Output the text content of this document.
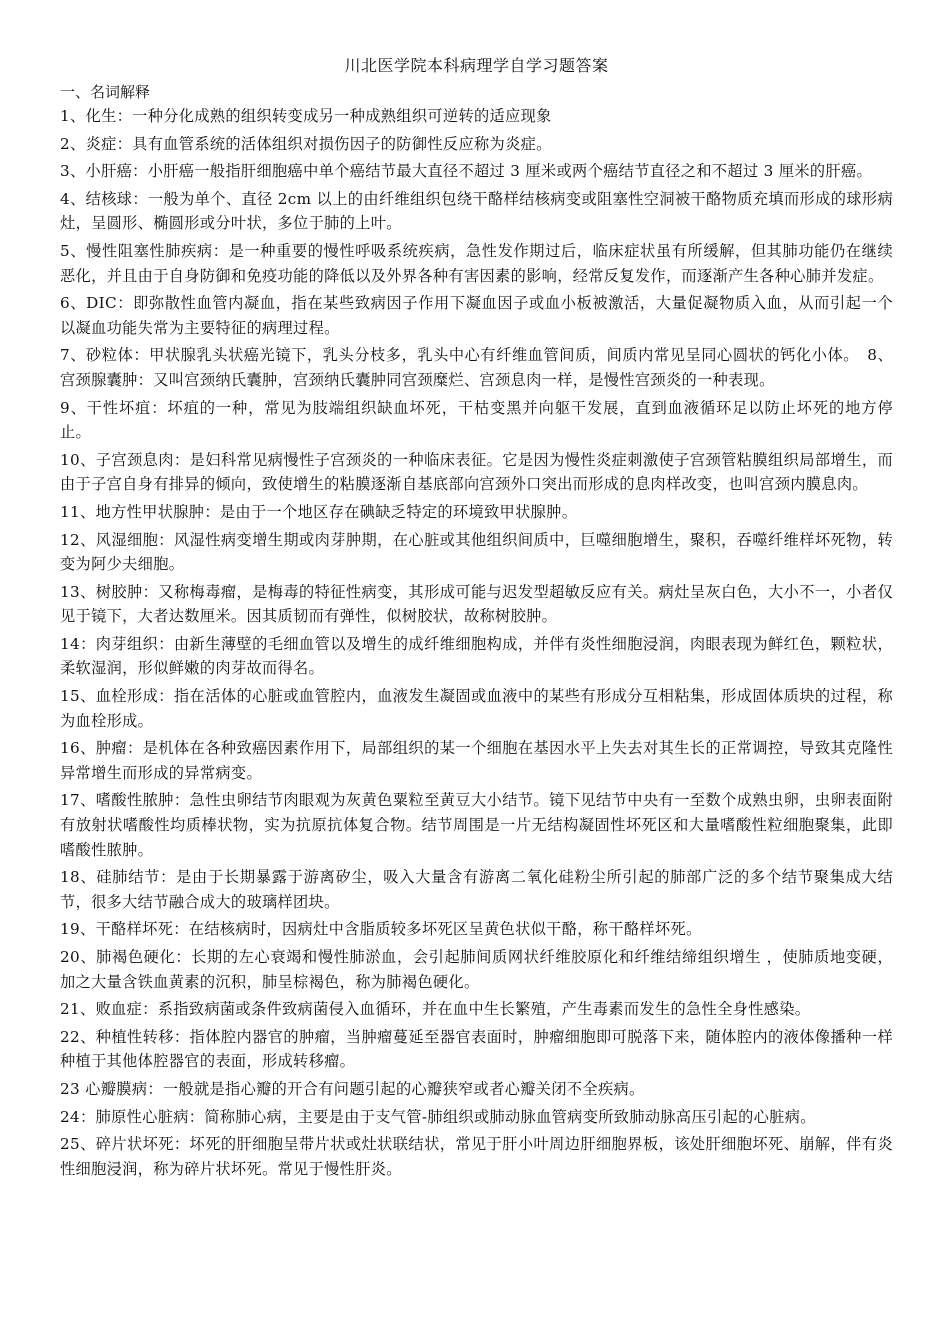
川北医学院本科病理学自学习题答案
一、名词解释

1、化生：一种分化成熟的组织转变成另一种成熟组织可逆转的适应现象

2、炎症：具有血管系统的活体组织对损伤因子的防御性反应称为炎症。

3、小肝癌：小肝癌一般指肝细胞癌中单个癌结节最大直径不超过 3 厘米或两个癌结节直径之和不超过 3 厘米的肝癌。

4、结核球：一般为单个、直径 2cm 以上的由纤维组织包绕干酪样结核病变或阻塞性空洞被干酪物质充填而形成的球形病灶，呈圆形、椭圆形或分叶状，多位于肺的上叶。

5、慢性阻塞性肺疾病：是一种重要的慢性呼吸系统疾病，急性发作期过后，临床症状虽有所缓解，但其肺功能仍在继续恶化，并且由于自身防御和免疫功能的降低以及外界各种有害因素的影响，经常反复发作，而逐渐产生各种心肺并发症。

6、DIC：即弥散性血管内凝血，指在某些致病因子作用下凝血因子或血小板被激活，大量促凝物质入血，从而引起一个以凝血功能失常为主要特征的病理过程。

7、砂粒体：甲状腺乳头状癌光镜下，乳头分枝多，乳头中心有纤维血管间质，间质内常见呈同心圆状的钙化小体。　8、宫颈腺囊肿：又叫宫颈纳氏囊肿，宫颈纳氏囊肿同宫颈糜烂、宫颈息肉一样，是慢性宫颈炎的一种表现。

9、干性坏疽：坏疽的一种，常见为肢端组织缺血坏死，干枯变黑并向躯干发展，直到血液循环足以防止坏死的地方停止。

10、子宫颈息肉：是妇科常见病慢性子宫颈炎的一种临床表征。它是因为慢性炎症刺激使子宫颈管粘膜组织局部增生，而由于子宫自身有排异的倾向，致使增生的粘膜逐渐自基底部向宫颈外口突出而形成的息肉样改变，也叫宫颈内膜息肉。

11、地方性甲状腺肿：是由于一个地区存在碘缺乏特定的环境致甲状腺肿。

12、风湿细胞：风湿性病变增生期或肉芽肿期，在心脏或其他组织间质中，巨噬细胞增生，聚积，吞噬纤维样坏死物，转变为阿少夫细胞。

13、树胶肿：又称梅毒瘤，是梅毒的特征性病变，其形成可能与迟发型超敏反应有关。病灶呈灰白色，大小不一，小者仅见于镜下，大者达数厘米。因其质韧而有弹性，似树胶状，故称树胶肿。

14：肉芽组织：由新生薄壁的毛细血管以及增生的成纤维细胞构成，并伴有炎性细胞浸润，肉眼表现为鲜红色，颗粒状，柔软湿润，形似鲜嫩的肉芽故而得名。

15、血栓形成：指在活体的心脏或血管腔内，血液发生凝固或血液中的某些有形成分互相粘集，形成固体质块的过程，称为血栓形成。

16、肿瘤：是机体在各种致癌因素作用下，局部组织的某一个细胞在基因水平上失去对其生长的正常调控，导致其克隆性异常增生而形成的异常病变。

17、嗜酸性脓肿：急性虫卵结节肉眼观为灰黄色粟粒至黄豆大小结节。镜下见结节中央有一至数个成熟虫卵，虫卵表面附有放射状嗜酸性均质棒状物，实为抗原抗体复合物。结节周围是一片无结构凝固性坏死区和大量嗜酸性粒细胞聚集，此即嗜酸性脓肿。

18、硅肺结节：是由于长期暴露于游离矽尘，吸入大量含有游离二氧化硅粉尘所引起的肺部广泛的多个结节聚集成大结节，很多大结节融合成大的玻璃样团块。

19、干酪样坏死：在结核病时，因病灶中含脂质较多坏死区呈黄色状似干酪，称干酪样坏死。

20、肺褐色硬化：长期的左心衰竭和慢性肺淤血，会引起肺间质网状纤维胶原化和纤维结缔组织增生 ，使肺质地变硬，加之大量含铁血黄素的沉积，肺呈棕褐色，称为肺褐色硬化。

21、败血症：系指致病菌或条件致病菌侵入血循环，并在血中生长繁殖，产生毒素而发生的急性全身性感染。

22、种植性转移：指体腔内器官的肿瘤，当肿瘤蔓延至器官表面时，肿瘤细胞即可脱落下来，随体腔内的液体像播种一样种植于其他体腔器官的表面，形成转移瘤。

23 心瓣膜病：一般就是指心瓣的开合有问题引起的心瓣狭窄或者心瓣关闭不全疾病。

24：肺原性心脏病：简称肺心病，主要是由于支气管-肺组织或肺动脉血管病变所致肺动脉高压引起的心脏病。

25、碎片状坏死：坏死的肝细胞呈带片状或灶状联结状，常见于肝小叶周边肝细胞界板，该处肝细胞坏死、崩解，伴有炎性细胞浸润，称为碎片状坏死。常见于慢性肝炎。
